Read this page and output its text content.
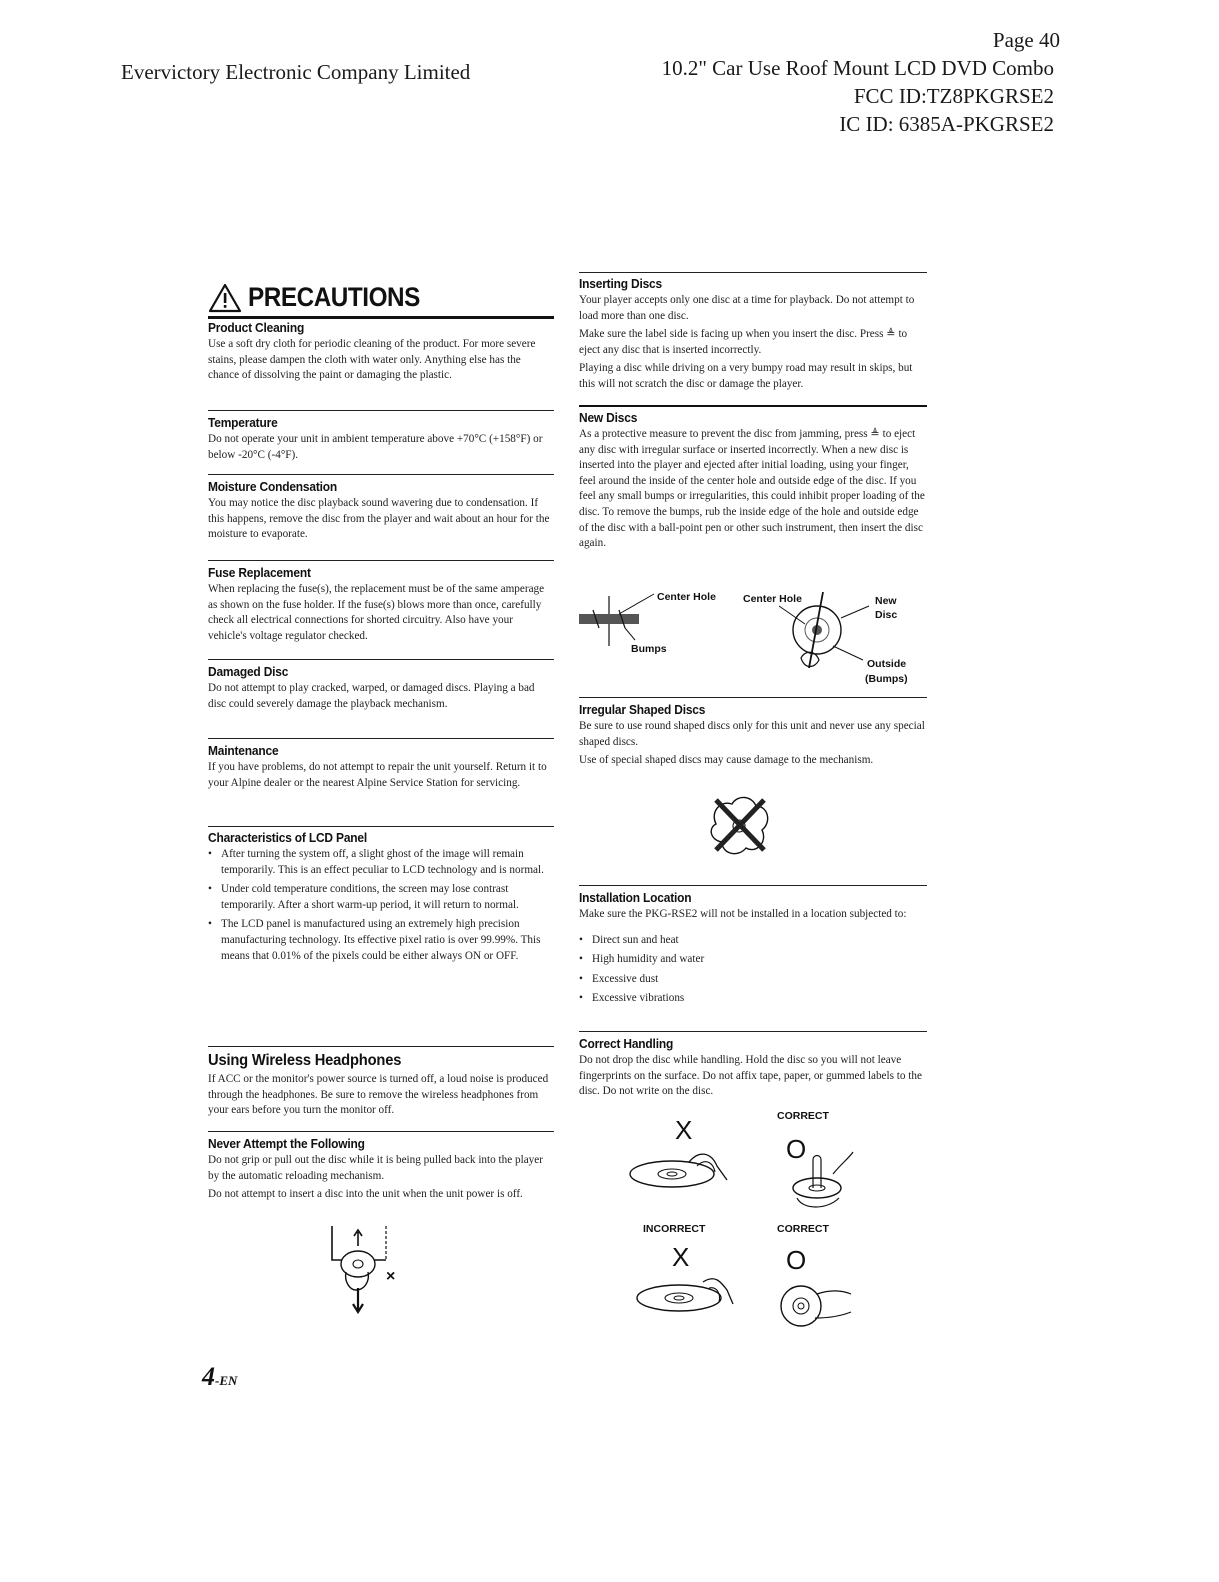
Evervictory Electronic Company Limited
Page 40
10.2" Car Use Roof Mount LCD DVD Combo
FCC ID:TZ8PKGRSE2
IC ID: 6385A-PKGRSE2
PRECAUTIONS
Product Cleaning

Use a soft dry cloth for periodic cleaning of the product. For more severe stains, please dampen the cloth with water only. Anything else has the chance of dissolving the paint or damaging the plastic.

Temperature

Do not operate your unit in ambient temperature above +70°C (+158°F) or below -20°C (-4°F).

Moisture Condensation

You may notice the disc playback sound wavering due to condensation. If this happens, remove the disc from the player and wait about an hour for the moisture to evaporate.

Fuse Replacement

When replacing the fuse(s), the replacement must be of the same amperage as shown on the fuse holder. If the fuse(s) blows more than once, carefully check all electrical connections for shorted circuitry. Also have your vehicle's voltage regulator checked.

Damaged Disc

Do not attempt to play cracked, warped, or damaged discs. Playing a bad disc could severely damage the playback mechanism.

Maintenance

If you have problems, do not attempt to repair the unit yourself. Return it to your Alpine dealer or the nearest Alpine Service Station for servicing.

Characteristics of LCD Panel
• After turning the system off, a slight ghost of the image will remain temporarily. This is an effect peculiar to LCD technology and is normal.
• Under cold temperature conditions, the screen may lose contrast temporarily. After a short warm-up period, it will return to normal.
• The LCD panel is manufactured using an extremely high precision manufacturing technology. Its effective pixel ratio is over 99.99%. This means that 0.01% of the pixels could be either always ON or OFF.
Using Wireless Headphones

If ACC or the monitor's power source is turned off, a loud noise is produced through the headphones. Be sure to remove the wireless headphones from your ears before you turn the monitor off.

Never Attempt the Following

Do not grip or pull out the disc while it is being pulled back into the player by the automatic reloading mechanism.

Do not attempt to insert a disc into the unit when the unit power is off.

×
Inserting Discs

Your player accepts only one disc at a time for playback. Do not attempt to load more than one disc.

Make sure the label side is facing up when you insert the disc. Press ≜ to eject any disc that is inserted incorrectly.

Playing a disc while driving on a very bumpy road may result in skips, but this will not scratch the disc or damage the player.

New Discs

As a protective measure to prevent the disc from jamming, press ≜ to eject any disc with irregular surface or inserted incorrectly. When a new disc is inserted into the player and ejected after initial loading, using your finger, feel around the inside of the center hole and outside edge of the disc. If you feel any small bumps or irregularities, this could inhibit proper loading of the disc. To remove the bumps, rub the inside edge of the hole and outside edge of the disc with a ball-point pen or other such instrument, then insert the disc again.

Center Hole	Center Hole	New
Disc
Bumps
Outside
(Bumps)
Irregular Shaped Discs

Be sure to use round shaped discs only for this unit and never use any special shaped discs.

Use of special shaped discs may cause damage to the mechanism.

Installation Location

Make sure the PKG-RSE2 will not be installed in a location subjected to:

• Direct sun and heat
• High humidity and water
• Excessive dust
• Excessive vibrations
Correct Handling

Do not drop the disc while handling. Hold the disc so you will not leave fingerprints on the surface. Do not affix tape, paper, or gummed labels to the disc. Do not write on the disc.

CORRECT
X
O
INCORRECT	CORRECT
X	O
4-EN
